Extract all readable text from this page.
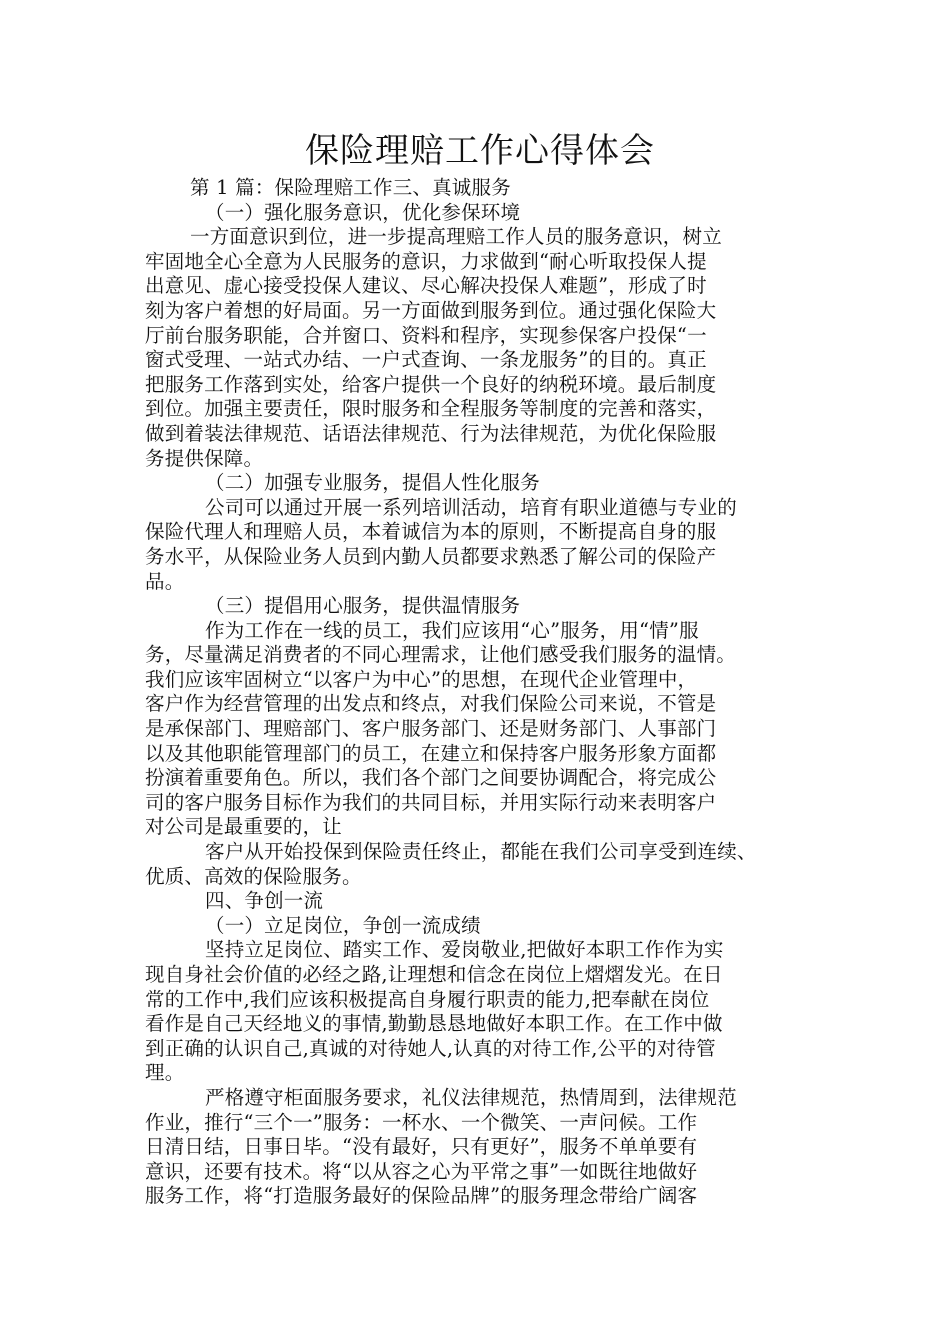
保险理赔工作心得体会
第 1 篇：保险理赔工作三、真诚服务
（一）强化服务意识，优化参保环境
一方面意识到位，进一步提高理赔工作人员的服务意识，树立
牢固地全心全意为人民服务的意识，力求做到“耐心听取投保人提
出意见、虚心接受投保人建议、尽心解决投保人难题”，形成了时
刻为客户着想的好局面。另一方面做到服务到位。通过强化保险大
厅前台服务职能，合并窗口、资料和程序，实现参保客户投保“一
窗式受理、一站式办结、一户式查询、一条龙服务”的目的。真正
把服务工作落到实处，给客户提供一个良好的纳税环境。最后制度
到位。加强主要责任，限时服务和全程服务等制度的完善和落实，
做到着装法律规范、话语法律规范、行为法律规范，为优化保险服
务提供保障。
（二）加强专业服务，提倡人性化服务
公司可以通过开展一系列培训活动，培育有职业道德与专业的
保险代理人和理赔人员，本着诚信为本的原则，不断提高自身的服
务水平，从保险业务人员到内勤人员都要求熟悉了解公司的保险产
品。
（三）提倡用心服务，提供温情服务
作为工作在一线的员工，我们应该用“心”服务，用“情”服
务，尽量满足消费者的不同心理需求，让他们感受我们服务的温情。
我们应该牢固树立“以客户为中心”的思想，在现代企业管理中，
客户作为经营管理的出发点和终点，对我们保险公司来说，不管是
是承保部门、理赔部门、客户服务部门、还是财务部门、人事部门
以及其他职能管理部门的员工，在建立和保持客户服务形象方面都
扮演着重要角色。所以，我们各个部门之间要协调配合，将完成公
司的客户服务目标作为我们的共同目标，并用实际行动来表明客户
对公司是最重要的，让
客户从开始投保到保险责任终止，都能在我们公司享受到连续、
优质、高效的保险服务。
四、争创一流
（一）立足岗位，争创一流成绩
坚持立足岗位、踏实工作、爱岗敬业,把做好本职工作作为实
现自身社会价值的必经之路,让理想和信念在岗位上熠熠发光。在日
常的工作中,我们应该积极提高自身履行职责的能力,把奉献在岗位
看作是自己天经地义的事情,勤勤恳恳地做好本职工作。在工作中做
到正确的认识自己,真诚的对待她人,认真的对待工作,公平的对待管
理。
严格遵守柜面服务要求，礼仪法律规范，热情周到，法律规范
作业，推行“三个一”服务：一杯水、一个微笑、一声问候。工作
日清日结，日事日毕。“没有最好，只有更好”，服务不单单要有
意识，还要有技术。将“以从容之心为平常之事”一如既往地做好
服务工作，将“打造服务最好的保险品牌”的服务理念带给广阔客
